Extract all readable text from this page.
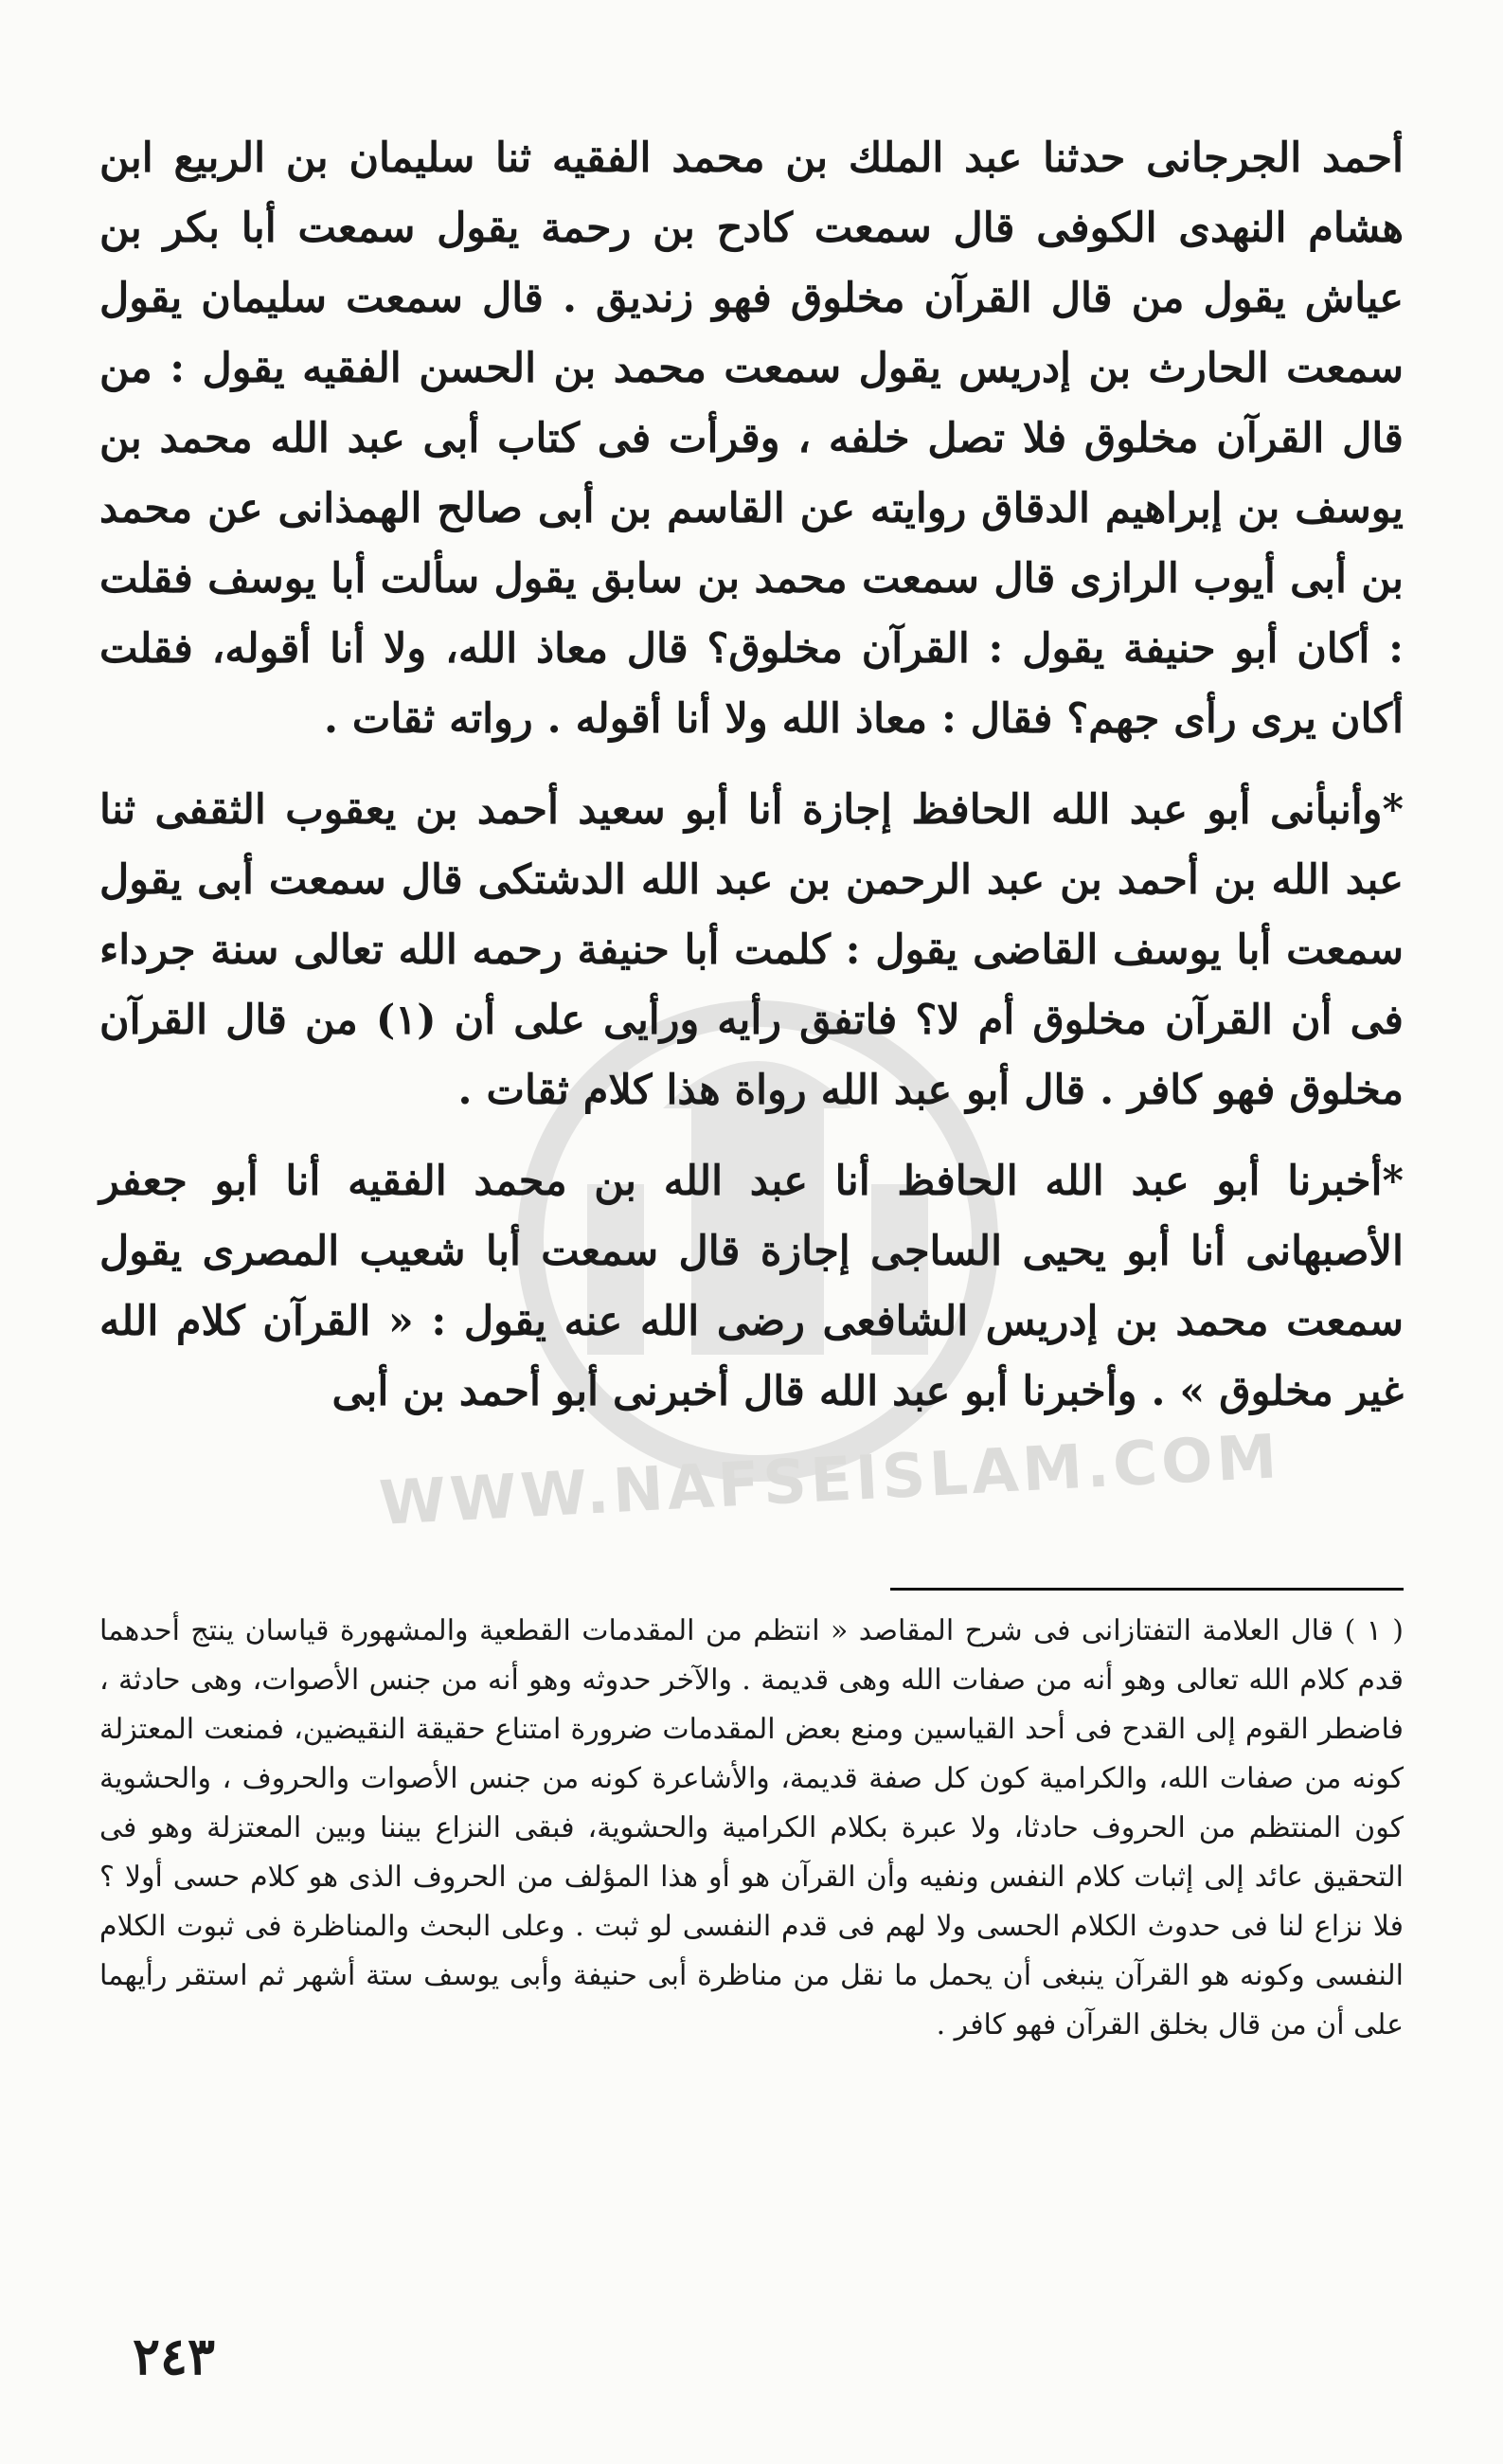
WWW.NAFSEISLAM.COM

أحمد الجرجانى حدثنا عبد الملك بن محمد الفقيه ثنا سليمان بن الربيع ابن هشام النهدى الكوفى قال سمعت كادح بن رحمة يقول سمعت أبا بكر بن عياش يقول من قال القرآن مخلوق فهو زنديق . قال سمعت سليمان يقول سمعت الحارث بن إدريس يقول سمعت محمد بن الحسن الفقيه يقول : من قال القرآن مخلوق فلا تصل خلفه ، وقرأت فى كتاب أبى عبد الله محمد بن يوسف بن إبراهيم الدقاق روايته عن القاسم بن أبى صالح الهمذانى عن محمد بن أبى أيوب الرازى قال سمعت محمد بن سابق يقول سألت أبا يوسف فقلت : أكان أبو حنيفة يقول : القرآن مخلوق؟ قال معاذ الله، ولا أنا أقوله، فقلت أكان يرى رأى جهم؟ فقال : معاذ الله ولا أنا أقوله . رواته ثقات .

*وأنبأنى أبو عبد الله الحافظ إجازة أنا أبو سعيد أحمد بن يعقوب الثقفى ثنا عبد الله بن أحمد بن عبد الرحمن بن عبد الله الدشتكى قال سمعت أبى يقول سمعت أبا يوسف القاضى يقول : كلمت أبا حنيفة رحمه الله تعالى سنة جرداء فى أن القرآن مخلوق أم لا؟ فاتفق رأيه ورأيى على أن (١) من قال القرآن مخلوق فهو كافر . قال أبو عبد الله رواة هذا كلام ثقات .

*أخبرنا أبو عبد الله الحافظ أنا عبد الله بن محمد الفقيه أنا أبو جعفر الأصبهانى أنا أبو يحيى الساجى إجازة قال سمعت أبا شعيب المصرى يقول سمعت محمد بن إدريس الشافعى رضى الله عنه يقول : « القرآن كلام الله غير مخلوق » . وأخبرنا أبو عبد الله قال أخبرنى أبو أحمد بن أبى

( ١ ) قال العلامة التفتازانى فى شرح المقاصد « انتظم من المقدمات القطعية والمشهورة قياسان ينتج أحدهما قدم كلام الله تعالى وهو أنه من صفات الله وهى قديمة . والآخر حدوثه وهو أنه من جنس الأصوات، وهى حادثة ، فاضطر القوم إلى القدح فى أحد القياسين ومنع بعض المقدمات ضرورة امتناع حقيقة النقيضين، فمنعت المعتزلة كونه من صفات الله، والكرامية كون كل صفة قديمة، والأشاعرة كونه من جنس الأصوات والحروف ، والحشوية كون المنتظم من الحروف حادثا، ولا عبرة بكلام الكرامية والحشوية، فبقى النزاع بيننا وبين المعتزلة وهو فى التحقيق عائد إلى إثبات كلام النفس ونفيه وأن القرآن هو أو هذا المؤلف من الحروف الذى هو كلام حسى أولا ؟ فلا نزاع لنا فى حدوث الكلام الحسى ولا لهم فى قدم النفسى لو ثبت . وعلى البحث والمناظرة فى ثبوت الكلام النفسى وكونه هو القرآن ينبغى أن يحمل ما نقل من مناظرة أبى حنيفة وأبى يوسف ستة أشهر ثم استقر رأيهما على أن من قال بخلق القرآن فهو كافر .
٢٤٣
